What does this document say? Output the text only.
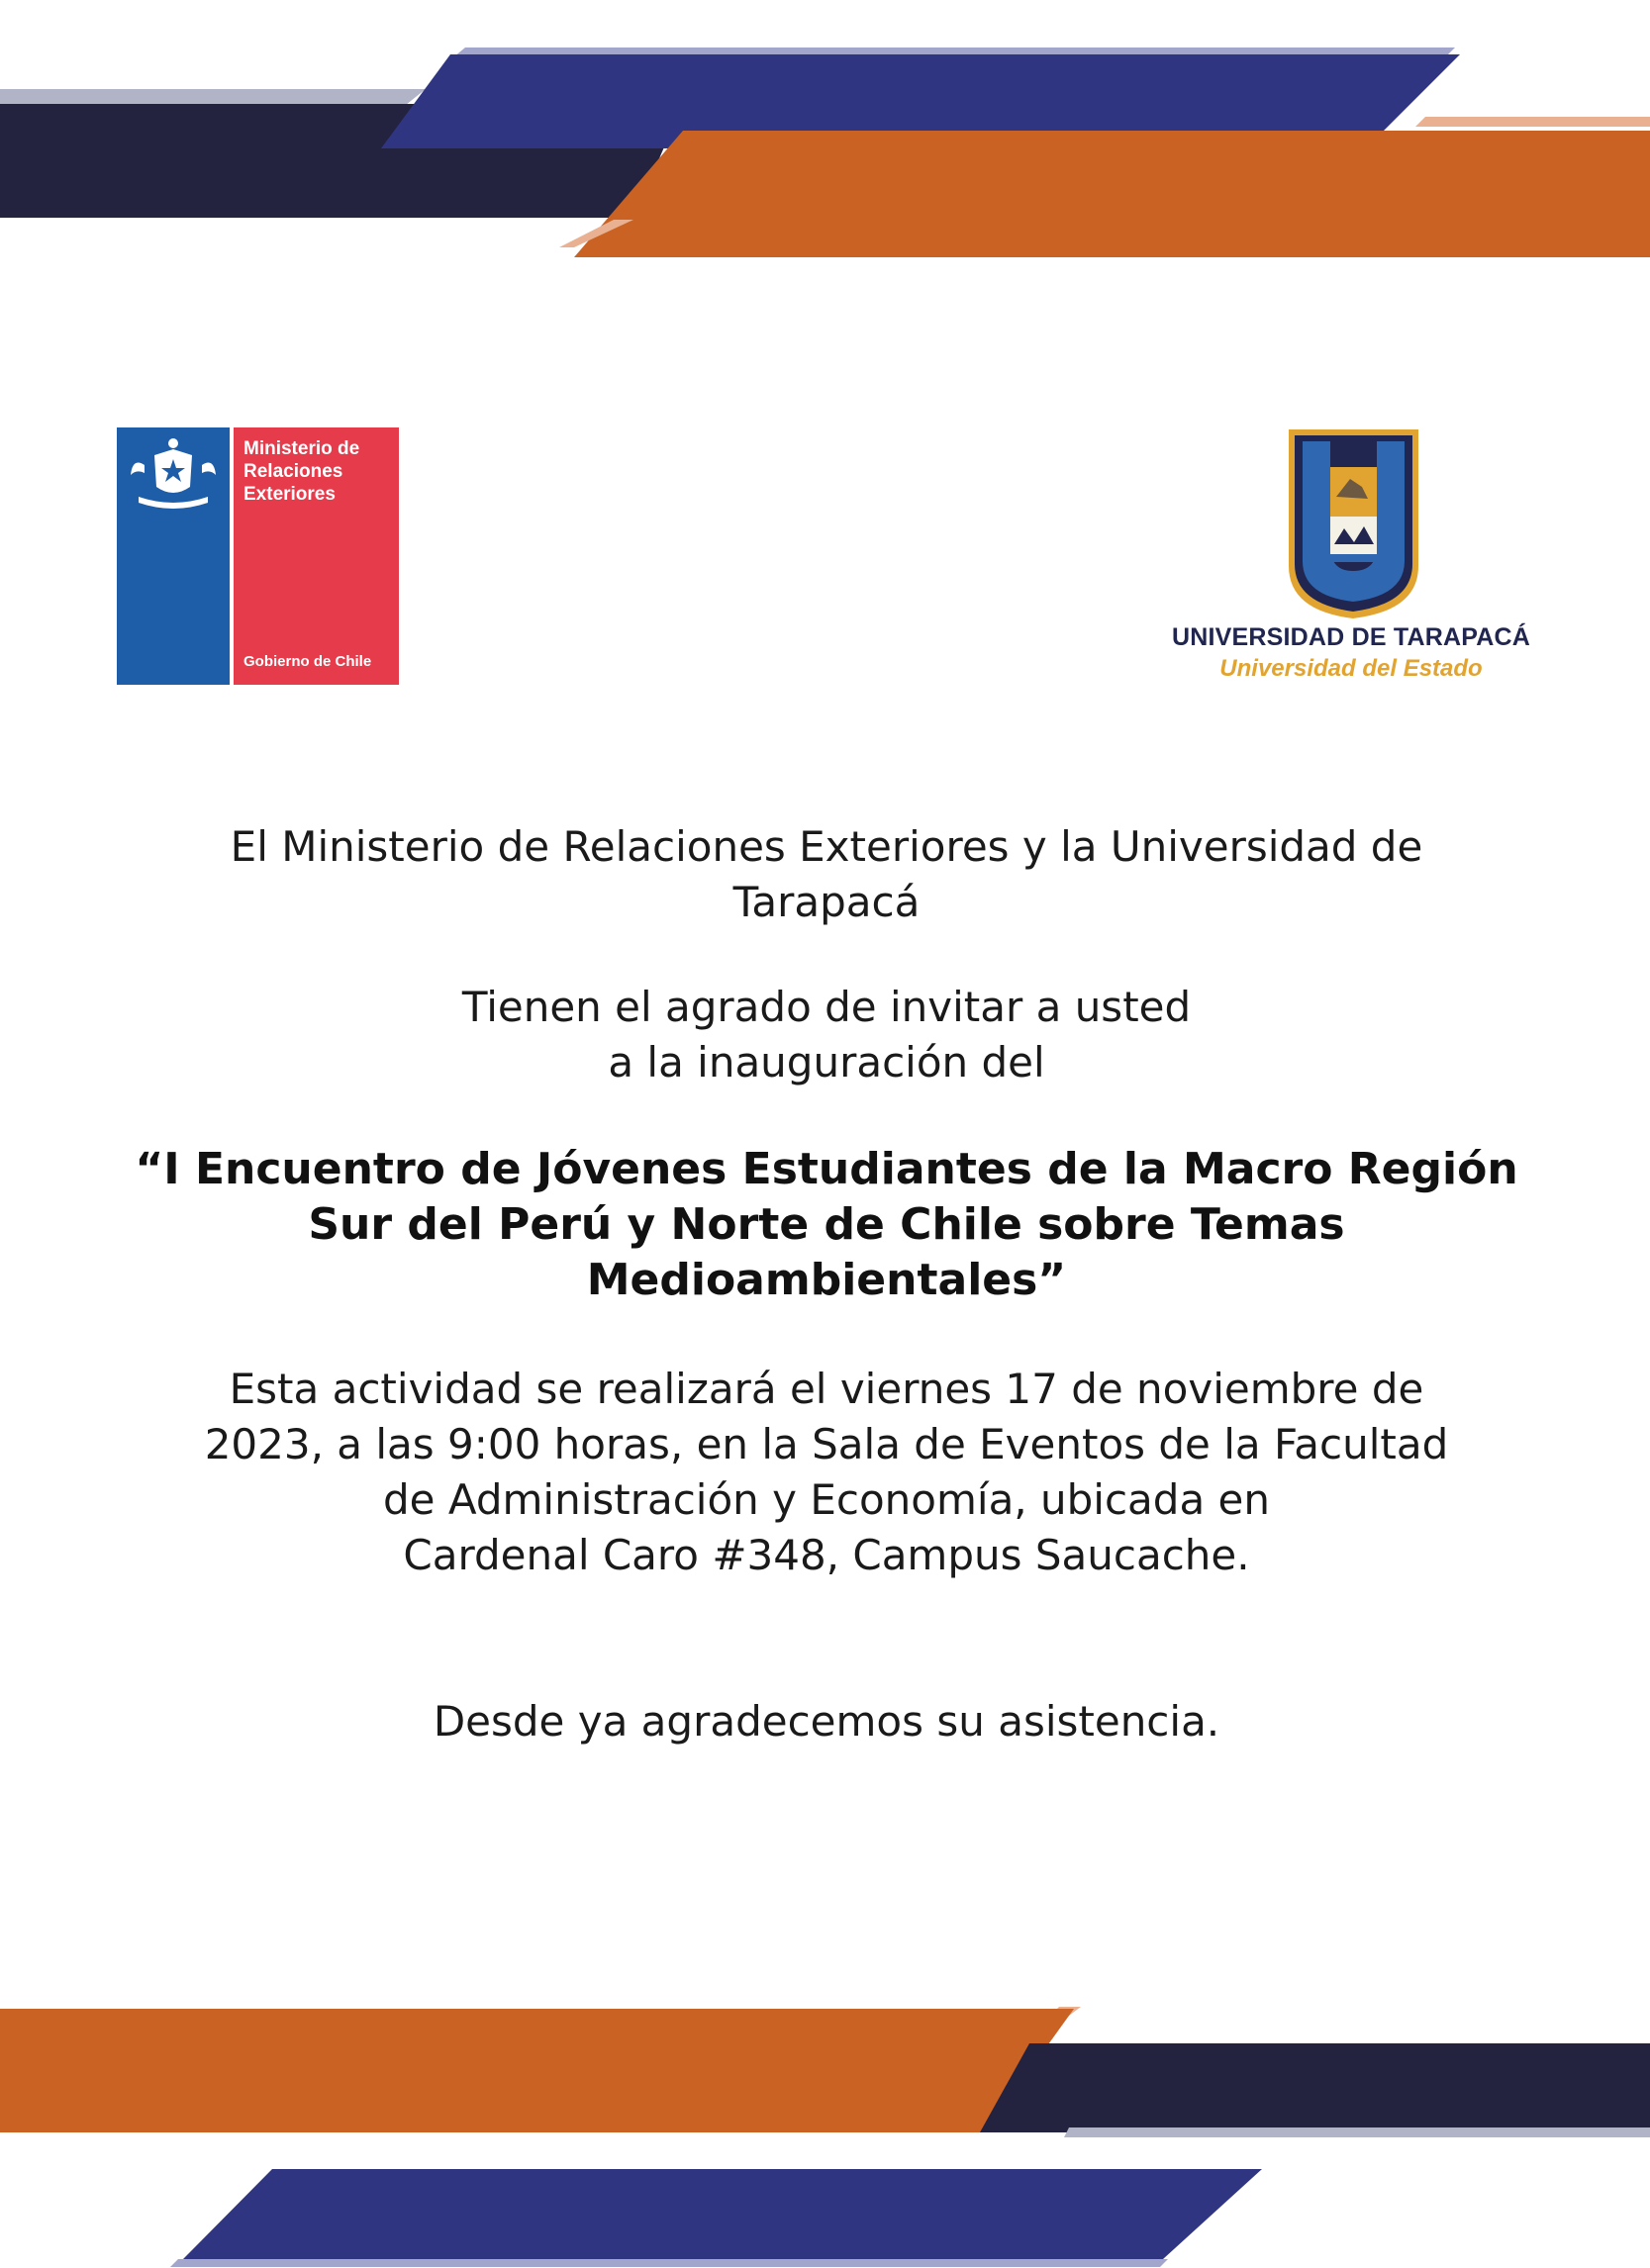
Ministerio de
Relaciones
Exteriores
Gobierno de Chile
UNIVERSIDAD DE TARAPACÁ
Universidad del Estado

El Ministerio de Relaciones Exteriores y la Universidad de

Tarapacá

Tienen el agrado de invitar a usted

a la inauguración del

“I Encuentro de Jóvenes Estudiantes de la Macro Región

Sur del Perú y Norte de Chile sobre Temas

Medioambientales”

Esta actividad se realizará el viernes 17 de noviembre de

2023, a las 9:00 horas, en la Sala de Eventos de la Facultad

de Administración y Economía, ubicada en

Cardenal Caro #348, Campus Saucache.

Desde ya agradecemos su asistencia.
